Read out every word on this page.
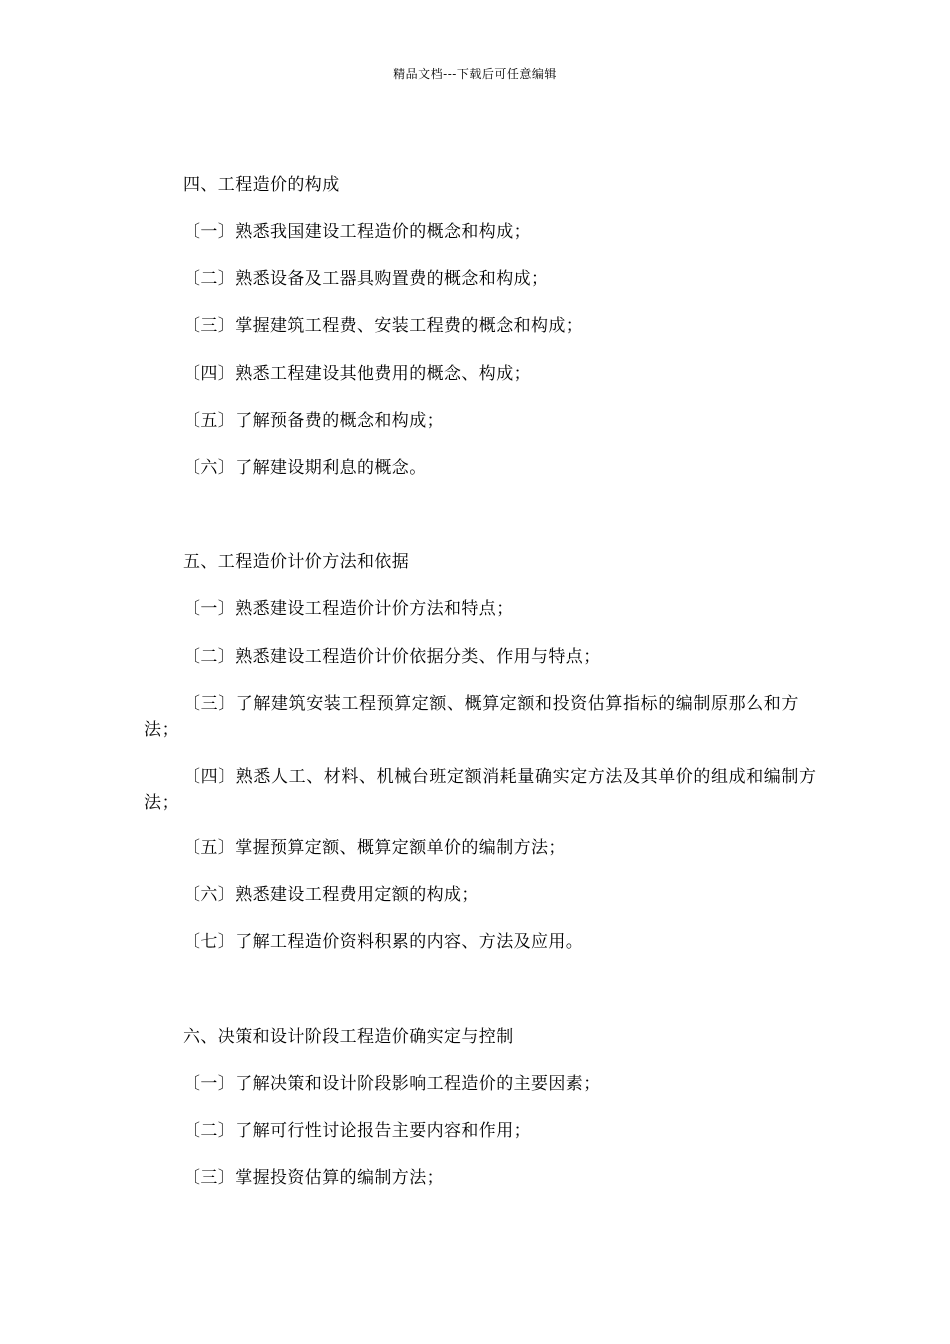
精品文档---下载后可任意编辑
四、工程造价的构成
〔一〕熟悉我国建设工程造价的概念和构成；
〔二〕熟悉设备及工器具购置费的概念和构成；
〔三〕掌握建筑工程费、安装工程费的概念和构成；
〔四〕熟悉工程建设其他费用的概念、构成；
〔五〕了解预备费的概念和构成；
〔六〕了解建设期利息的概念。
五、工程造价计价方法和依据
〔一〕熟悉建设工程造价计价方法和特点；
〔二〕熟悉建设工程造价计价依据分类、作用与特点；
〔三〕了解建筑安装工程预算定额、概算定额和投资估算指标的编制原那么和方法；
〔四〕熟悉人工、材料、机械台班定额消耗量确实定方法及其单价的组成和编制方法；
〔五〕掌握预算定额、概算定额单价的编制方法；
〔六〕熟悉建设工程费用定额的构成；
〔七〕了解工程造价资料积累的内容、方法及应用。
六、决策和设计阶段工程造价确实定与控制
〔一〕了解决策和设计阶段影响工程造价的主要因素；
〔二〕了解可行性讨论报告主要内容和作用；
〔三〕掌握投资估算的编制方法；
